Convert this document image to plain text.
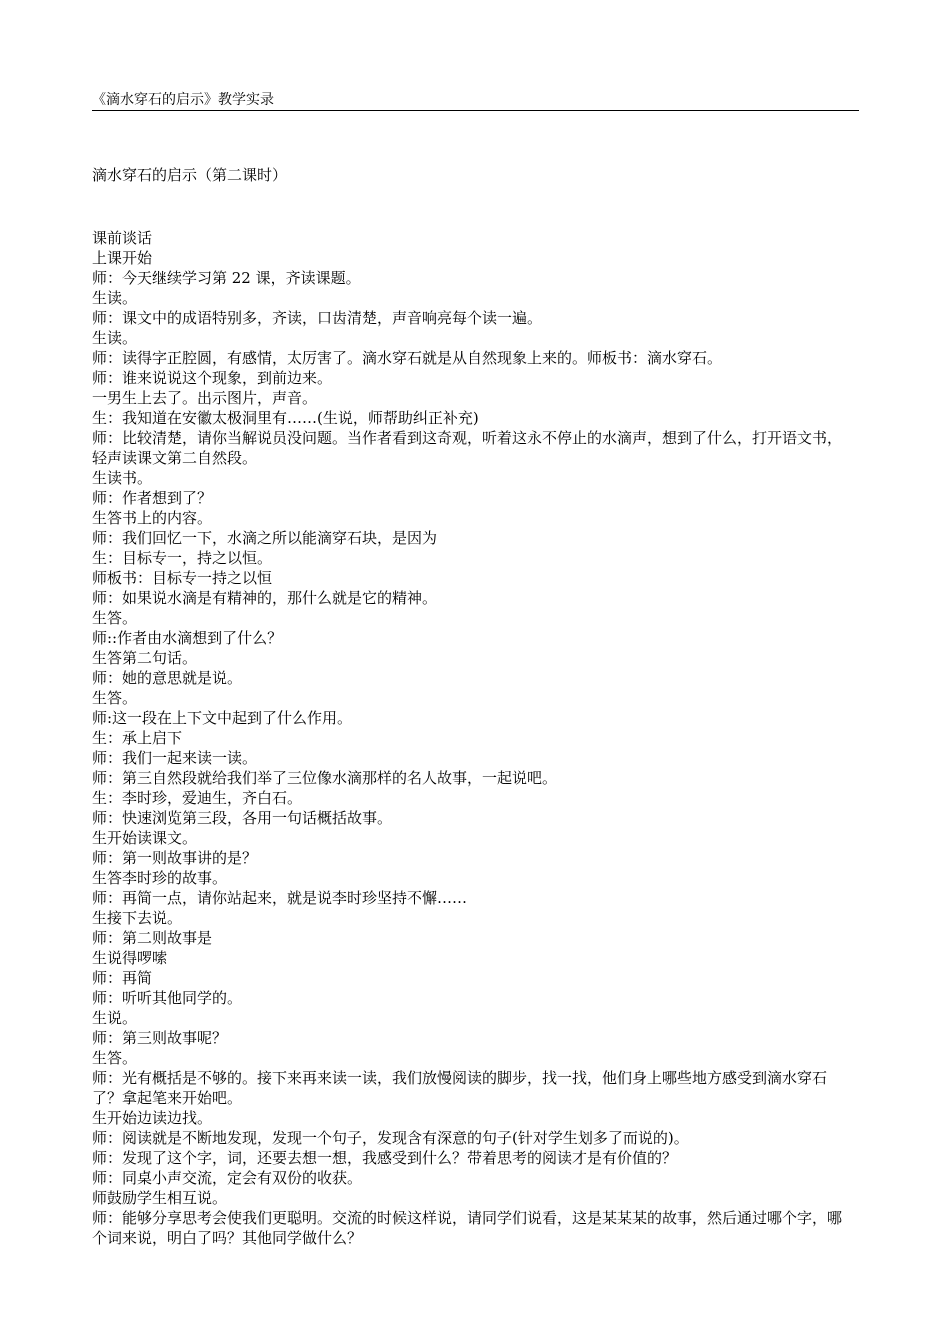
《滴水穿石的启示》教学实录
滴水穿石的启示（第二课时）
课前谈话
上课开始
师：今天继续学习第 22 课，齐读课题。
生读。
师：课文中的成语特别多，齐读，口齿清楚，声音响亮每个读一遍。
生读。
师：读得字正腔圆，有感情，太厉害了。滴水穿石就是从自然现象上来的。师板书：滴水穿石。
师：谁来说说这个现象，到前边来。
一男生上去了。出示图片，声音。
生：我知道在安徽太极洞里有……(生说，师帮助纠正补充)
师：比较清楚，请你当解说员没问题。当作者看到这奇观，听着这永不停止的水滴声，想到了什么，打开语文书，轻声读课文第二自然段。
生读书。
师：作者想到了？
生答书上的内容。
师：我们回忆一下，水滴之所以能滴穿石块，是因为
生：目标专一，持之以恒。
师板书：目标专一持之以恒
师：如果说水滴是有精神的，那什么就是它的精神。
生答。
师::作者由水滴想到了什么？
生答第二句话。
师：她的意思就是说。
生答。
师:这一段在上下文中起到了什么作用。
生：承上启下
师：我们一起来读一读。
师：第三自然段就给我们举了三位像水滴那样的名人故事，一起说吧。
生：李时珍，爱迪生，齐白石。
师：快速浏览第三段，各用一句话概括故事。
生开始读课文。
师：第一则故事讲的是？
生答李时珍的故事。
师：再简一点，请你站起来，就是说李时珍坚持不懈……
生接下去说。
师：第二则故事是
生说得啰嗦
师：再简
师：听听其他同学的。
生说。
师：第三则故事呢？
生答。
师：光有概括是不够的。接下来再来读一读，我们放慢阅读的脚步，找一找，他们身上哪些地方感受到滴水穿石了？拿起笔来开始吧。
生开始边读边找。
师：阅读就是不断地发现，发现一个句子，发现含有深意的句子(针对学生划多了而说的)。
师：发现了这个字，词，还要去想一想，我感受到什么？带着思考的阅读才是有价值的？
师：同桌小声交流，定会有双份的收获。
师鼓励学生相互说。
师：能够分享思考会使我们更聪明。交流的时候这样说，请同学们说看，这是某某某的故事，然后通过哪个字，哪个词来说，明白了吗？其他同学做什么？
